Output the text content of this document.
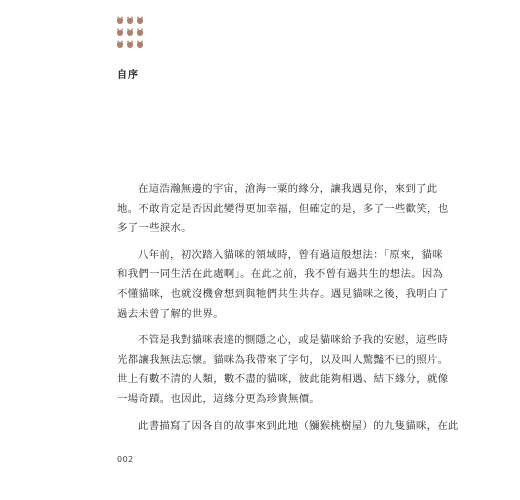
自序

在這浩瀚無邊的宇宙，滄海一粟的緣分，讓我遇見你，來到了此
地。不敢肯定是否因此變得更加幸福，但確定的是，多了一些歡笑，也
多了一些淚水。

八年前，初次踏入貓咪的領域時，曾有過這般想法：「原來，貓咪
和我們一同生活在此處啊」。在此之前，我不曾有過共生的想法。因為
不懂貓咪，也就沒機會想到與牠們共生共存。遇見貓咪之後，我明白了
過去未曾了解的世界。

不管是我對貓咪表達的惻隱之心，或是貓咪給予我的安慰，這些時
光都讓我無法忘懷。貓咪為我帶來了字句，以及叫人驚豔不已的照片。
世上有數不清的人類，數不盡的貓咪，彼此能夠相遇、結下緣分，就像
一場奇蹟。也因此，這緣分更為珍貴無價。

此書描寫了因各自的故事來到此地（獼猴桃樹屋）的九隻貓咪，在此

002
